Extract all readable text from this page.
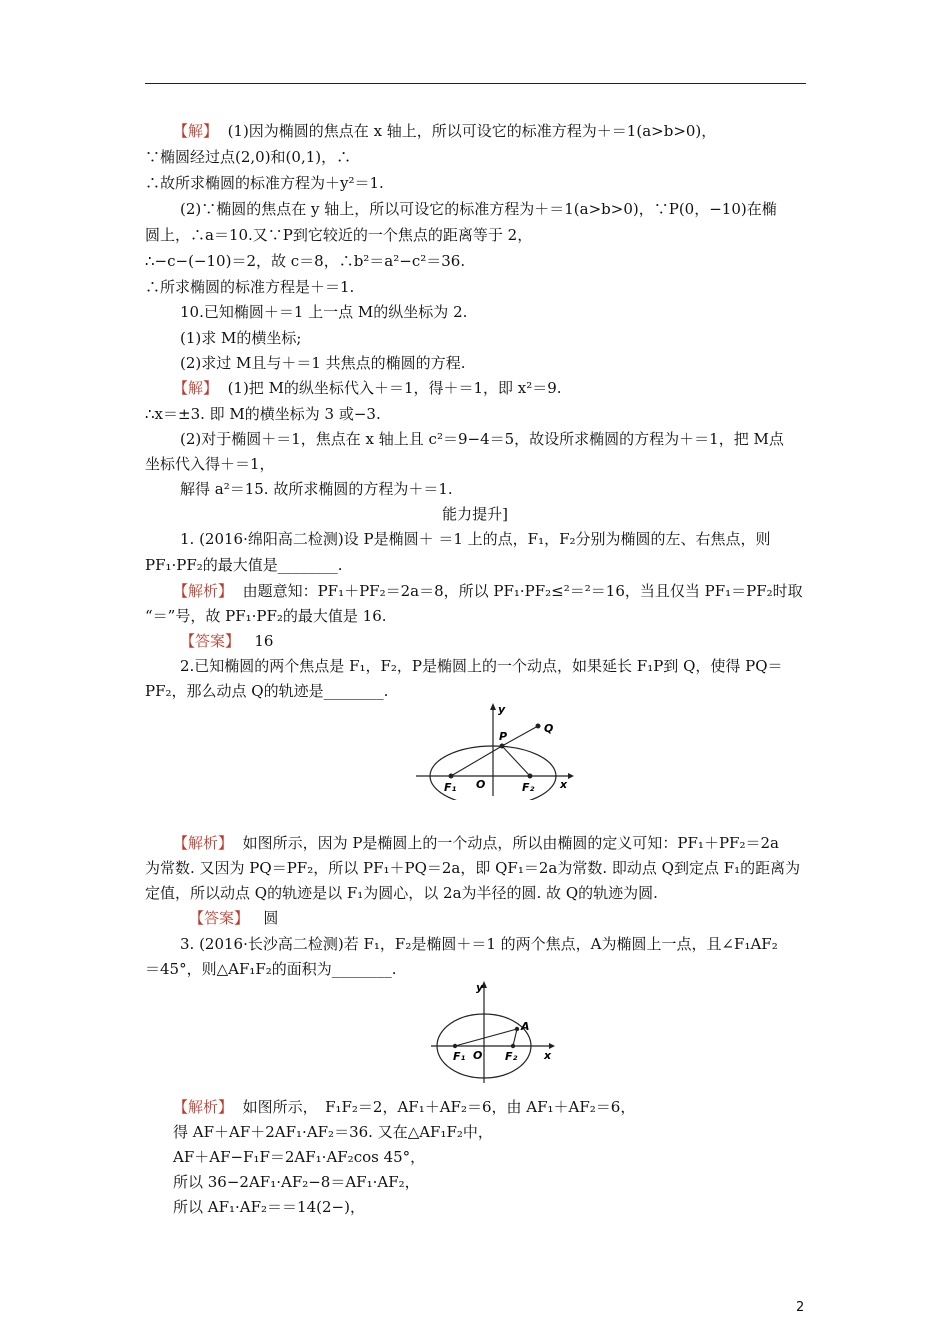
【解】 (1)因为椭圆的焦点在 x 轴上，所以可设它的标准方程为＋＝1(a>b>0)，
∵椭圆经过点(2,0)和(0,1)，∴
∴故所求椭圆的标准方程为＋y²＝1.
(2)∵椭圆的焦点在 y 轴上，所以可设它的标准方程为＋＝1(a>b>0)，∵P(0，−10)在椭
圆上，∴a＝10.又∵P到它较近的一个焦点的距离等于 2，
∴−c−(−10)＝2，故 c＝8，∴b²＝a²−c²＝36.
∴所求椭圆的标准方程是＋＝1.
10.已知椭圆＋＝1 上一点 M的纵坐标为 2.
(1)求 M的横坐标;
(2)求过 M且与＋＝1 共焦点的椭圆的方程.
【解】 (1)把 M的纵坐标代入＋＝1，得＋＝1，即 x²＝9.
∴x＝±3. 即 M的横坐标为 3 或−3.
(2)对于椭圆＋＝1，焦点在 x 轴上且 c²＝9−4＝5，故设所求椭圆的方程为＋＝1，把 M点
坐标代入得＋＝1，
解得 a²＝15. 故所求椭圆的方程为＋＝1.
能力提升]
1. (2016·绵阳高二检测)设 P是椭圆＋ ＝1 上的点，F₁，F₂分别为椭圆的左、右焦点，则
PF₁·PF₂的最大值是________.
【解析】 由题意知：PF₁＋PF₂＝2a＝8，所以 PF₁·PF₂≤²＝²＝16，当且仅当 PF₁＝PF₂时取
“＝”号，故 PF₁·PF₂的最大值是 16.
【答案】 16
2.已知椭圆的两个焦点是 F₁，F₂，P是椭圆上的一个动点，如果延长 F₁P到 Q，使得 PQ＝
PF₂，那么动点 Q的轨迹是________.
y
x
O
P
Q
F₁	F₂
【解析】 如图所示，因为 P是椭圆上的一个动点，所以由椭圆的定义可知：PF₁＋PF₂＝2a
为常数. 又因为 PQ＝PF₂，所以 PF₁＋PQ＝2a，即 QF₁＝2a为常数. 即动点 Q到定点 F₁的距离为
定值，所以动点 Q的轨迹是以 F₁为圆心，以 2a为半径的圆. 故 Q的轨迹为圆.
【答案】 圆
3. (2016·长沙高二检测)若 F₁，F₂是椭圆＋＝1 的两个焦点，A为椭圆上一点，且∠F₁AF₂
＝45°，则△AF₁F₂的面积为________.
y
x
O
A
F₁	F₂
【解析】 如图所示，　F₁F₂＝2，AF₁＋AF₂＝6，由 AF₁＋AF₂＝6，
得 AF＋AF＋2AF₁·AF₂＝36. 又在△AF₁F₂中，
AF＋AF−F₁F＝2AF₁·AF₂cos 45°，
所以 36−2AF₁·AF₂−8＝AF₁·AF₂，
所以 AF₁·AF₂＝＝14(2−)，
2
